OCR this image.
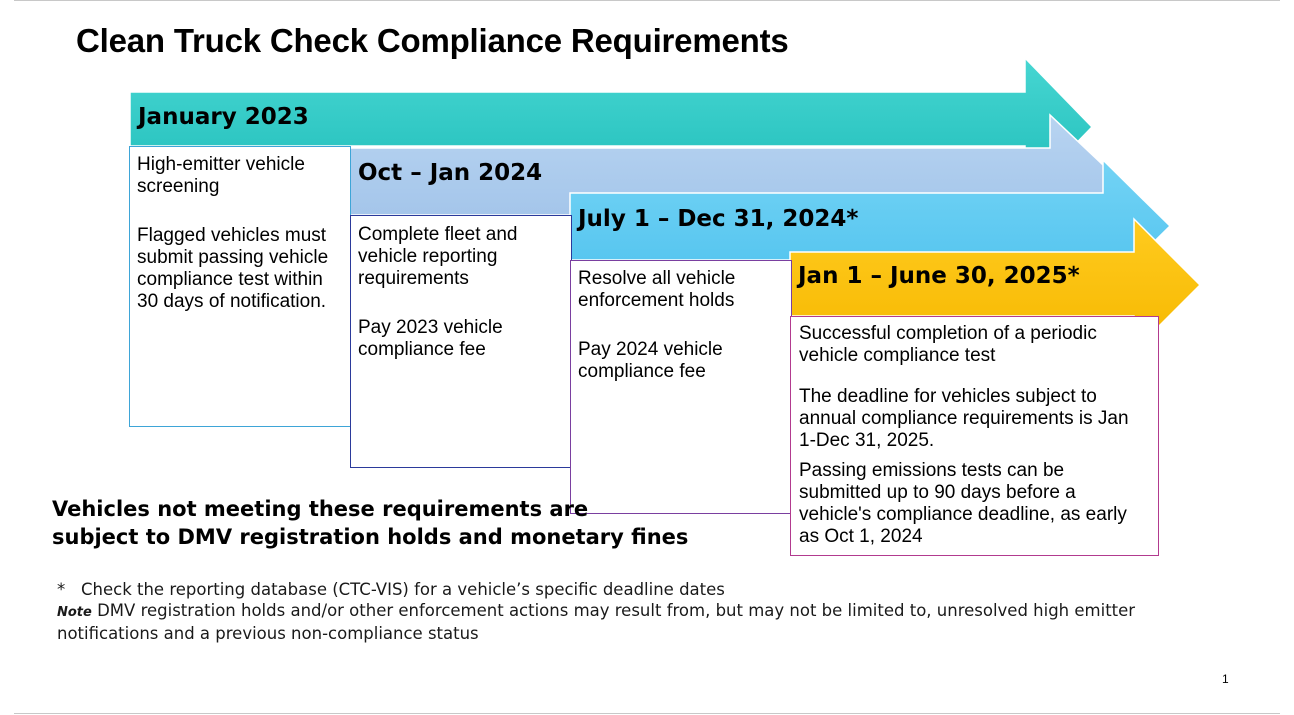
Clean Truck Check Compliance Requirements

High-emitter vehicle screening

Flagged vehicles must submit passing vehicle compliance test within 30 days of notification.

Complete fleet and vehicle reporting requirements

Pay 2023 vehicle compliance fee

Resolve all vehicle enforcement holds

Pay 2024 vehicle compliance fee

Successful completion of a periodic vehicle compliance test

The deadline for vehicles subject to annual compliance requirements is Jan 1-Dec 31, 2025.

Passing emissions tests can be submitted up to 90 days before a vehicle's compliance deadline, as early as Oct 1, 2024

January 2023
Oct – Jan 2024
July 1 – Dec 31, 2024*
Jan 1 – June 30, 2025*
Vehicles not meeting these requirements are
subject to DMV registration holds and monetary fines

* Check the reporting database (CTC-VIS) for a vehicle’s specific deadline dates

Note DMV registration holds and/or other enforcement actions may result from, but may not be limited to, unresolved high emitter notifications and a previous non-compliance status

1
